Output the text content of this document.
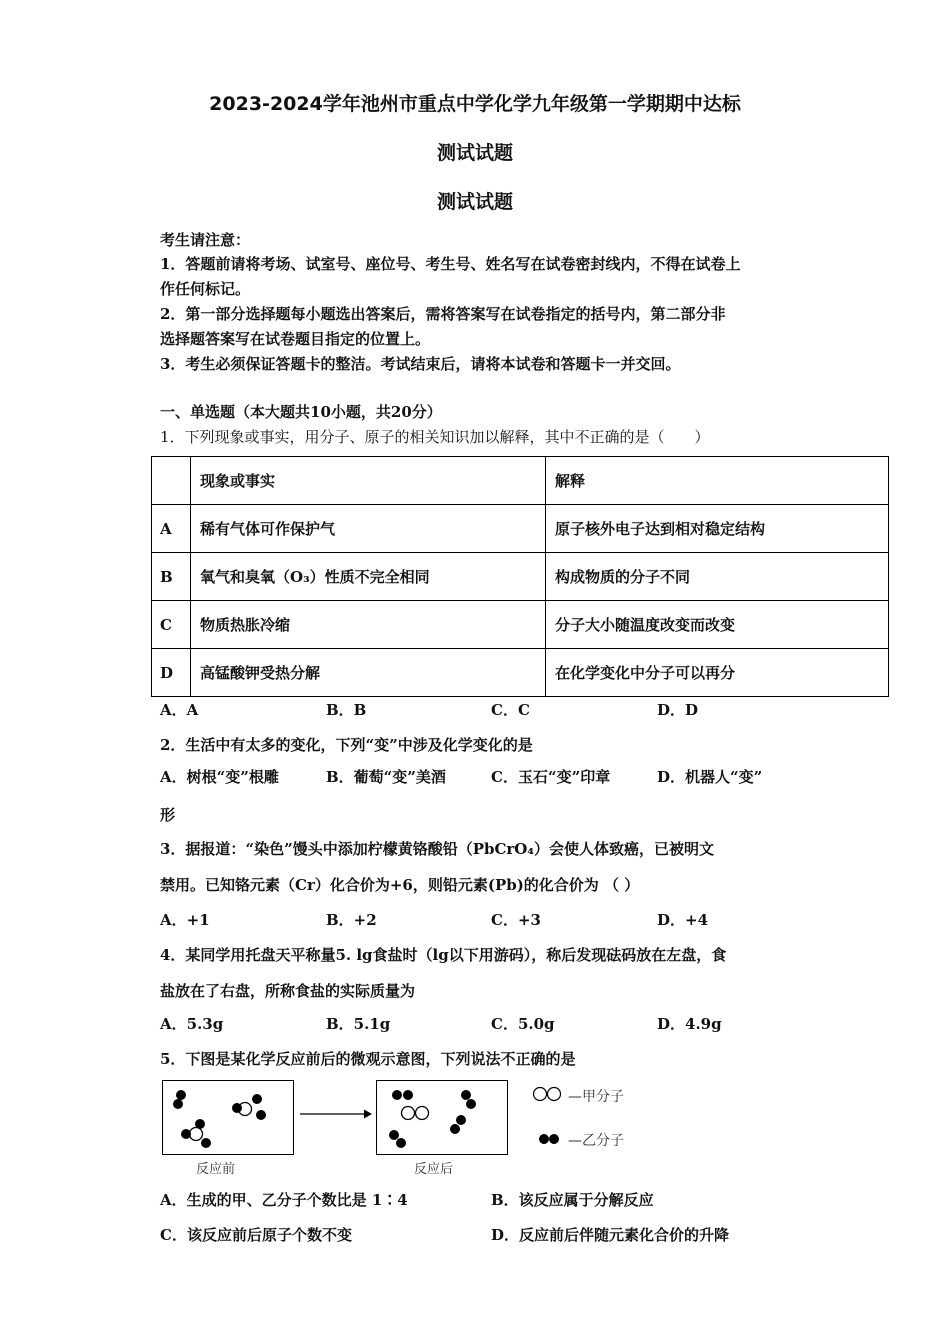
2023-2024学年池州市重点中学化学九年级第一学期期中达标
测试试题
测试试题
考生请注意：
1．答题前请将考场、试室号、座位号、考生号、姓名写在试卷密封线内，不得在试卷上
作任何标记。
2．第一部分选择题每小题选出答案后，需将答案写在试卷指定的括号内，第二部分非
选择题答案写在试卷题目指定的位置上。
3．考生必须保证答题卡的整洁。考试结束后，请将本试卷和答题卡一并交回。
一、单选题（本大题共10小题，共20分）
1．下列现象或事实，用分子、原子的相关知识加以解释，其中不正确的是（　　）
	现象或事实	解释
A	稀有气体可作保护气	原子核外电子达到相对稳定结构
B	氧气和臭氧（O₃）性质不完全相同	构成物质的分子不同
C	物质热胀冷缩	分子大小随温度改变而改变
D	高锰酸钾受热分解	在化学变化中分子可以再分
A．A	B．B	C．C	D．D
2．生活中有太多的变化，下列“变”中涉及化学变化的是
A．树根“变”根雕	B．葡萄“变”美酒	C．玉石“变”印章	D．机器人“变”
形
3．据报道：“染色”馒头中添加柠檬黄铬酸铅（PbCrO₄）会使人体致癌，已被明文
禁用。已知铬元素（Cr）化合价为+6，则铅元素(Pb)的化合价为 （ ）
A．+1	B．+2	C．+3	D．+4
4．某同学用托盘天平称量5. lg食盐时（lg以下用游码），称后发现砝码放在左盘，食
盐放在了右盘，所称食盐的实际质量为
A．5.3g	B．5.1g	C．5.0g	D．4.9g
5．下图是某化学反应前后的微观示意图，下列说法不正确的是
反应前	反应后
—甲分子
—乙分子
A．生成的甲、乙分子个数比是 1∶4	B．该反应属于分解反应
C．该反应前后原子个数不变	D．反应前后伴随元素化合价的升降
